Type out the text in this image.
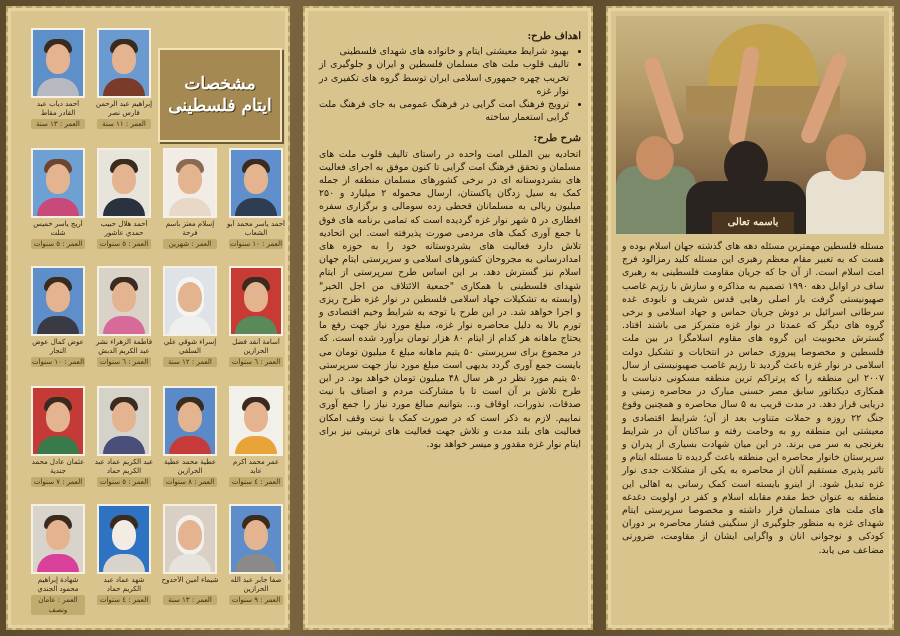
مشخصات
ایتام فلسطینی
إبراهيم عبد الرحمن فارس نصر
العمر : ۱۱ سنة
أحمد دياب عبد القادر مقاط
العمر : ۱۳ سنة
أحمد ياسر محمد أبو الشعاب
العمر : ۱۰ سنوات
إسلام معتز باسم فرحة
العمر : شهرين
أحمد هلال حبيب حمدي عاشور
العمر : ٥ سنوات
أريج ياسر خميس شلت
العمر : ٥ سنوات
أسامة أنقد فضل الحرازين
العمر : ٦ سنوات
إسراء شوقي علي السلقي
العمر : ۱۲ سنة
فاطمة الزهراء نشر عبد الكريم الدبش
العمر : ٦ سنوات
عوض كمال عوض النجار
العمر : ۱۰ سنوات
عمر محمد أكرم عابد
العمر : ٤ سنوات
عطية محمد عطية الحرازين
العمر : ۸ سنوات
عبد الكريم عماد عبد الكريم حماد
العمر : ٥ سنوات
عثمان عادل محمد جندية
العمر : ٧ سنوات
صفا جابر عبد الله الحرازين
العمر : ٩ سنوات
شيماء أمين الأحدوح
العمر : ۱۳ سنة
شهد عماد عبد الكريم حماد
العمر : ٤ سنوات
شهادة إبراهيم محمود الجندي
العمر : عامان ونصف
اهداف طرح:
• بهبود شرایط معیشتی ایتام و خانواده های شهدای فلسطینی
• تالیف قلوب ملت های مسلمان فلسطین و ایران و جلوگیری از تخریب چهره جمهوری اسلامی ایران توسط گروه های تکفیری در نوار غزه
• ترویج فرهنگ امت گرایی در فرهنگ عمومی به جای فرهنگ ملت گرایی استعمار ساخته
شرح طرح:

اتحادیه بین المللی امت واحده در راستای تالیف قلوب ملت های مسلمان و تحقق فرهنگ امت گرایی تا کنون موفق به اجرای فعالیت های بشردوستانه ای در برخی کشورهای مسلمان منطقه از جمله کمک به سیل زدگان پاکستان، ارسال محموله ۲ میلیارد و ۲۵۰ میلیون ریالی به مسلمانان قحطی زده سومالی و برگزاری سفره افطاری در ۵ شهر نوار غزه گردیده است که تمامی برنامه های فوق با جمع آوری کمک های مردمی صورت پذیرفته است. این اتحادیه تلاش دارد فعالیت های بشردوستانه خود را به حوزه های امدادرسانی به مجروحان کشورهای اسلامی و سرپرستی ایتام جهان اسلام نیز گسترش دهد. بر این اساس طرح سرپرستی از ایتام شهدای فلسطینی با همکاری "جمعیة الائتلاف من اجل الخير" (وابسته به تشکیلات جهاد اسلامی فلسطین در نوار غزه طرح ریزی و اجرا خواهد شد. در این طرح با توجه به شرایط وخیم اقتصادی و تورم بالا به دلیل محاصره نوار غزه، مبلغ مورد نیاز جهت رفع ما یحتاج ماهانه هر کدام از ایتام ۸۰ هزار تومان برآورد شده است. که در مجموع برای سرپرستی ۵۰ یتیم ماهانه مبلغ ٤ میلیون تومان می بایست جمع آوری گردد بدیهی است مبلغ مورد نیاز جهت سرپرستی ۵۰ یتیم مورد نظر در هر سال ۴۸ میلیون تومان خواهد بود. در این طرح تلاش بر آن است تا با مشارکت مردم و اصناف با نیت صدقات، نذورات، اوقاف و... بتوانیم مبالغ مورد نیاز را جمع آوری نماییم. لازم به ذکر است که در صورت کمک با نیت وقف امکان فعالیت های بلند مدت و تلاش جهت فعالیت های تربیتی نیز برای ایتام نوار غزه مقدور و میسر خواهد بود.

باسمه تعالی
مسئله فلسطین مهمترین مسئله دهه های گذشته جهان اسلام بوده و هست که به تعبیر مقام معظم رهبری این مسئله کلید رمزالود فرج امت اسلام است. از آن جا که جریان مقاومت فلسطینی به رهبری ساف در اوایل دهه ۱۹۹۰ تصمیم به مذاکره و سازش با رژیم غاصب صهیونیستی گرفت بار اصلی رهایی قدس شریف و نابودی غده سرطانی اسرائیل بر دوش جریان حماس و جهاد اسلامی و برخی گروه های دیگر که عمدتا در نوار غزه متمرکز می باشند افتاد. گسترش محبوبیت این گروه های مقاوم اسلامگرا در بین ملت فلسطین و مخصوصا پیروزی حماس در انتخابات و تشکیل دولت اسلامی در نوار غزه باعث گردید تا رژیم غاصب صهیونیستی از سال ۲۰۰۷ این منطقه را که پرتراکم ترین منطقه مسکونی دنیاست با همکاری دیکتاتور سابق مصر حسنی مبارک در محاصره زمینی و دریایی قرار دهد. در مدت قریب به ۵ سال محاصره و همچنین وقوع جنگ ۲۲ روزه و حملات متناوب بعد از آن؛ شرایط اقتصادی و معیشتی این منطقه رو به وخامت رفته و ساکنان آن در شرایط بغرنجی به سر می برند. در این میان شهادت بسیاری از پدران و سرپرستان خانوار محاصره این منطقه باعث گردیده تا مسئله ایتام و تاثیر پذیری مستقیم آنان از محاصره به یکی از مشکلات جدی نوار غزه تبدیل شود. از اینرو بایسته است کمک رسانی به اهالی این منطقه به عنوان خط مقدم مقابله اسلام و کفر در اولویت دغدغه های ملت های مسلمان قرار داشته و مخصوصا سرپرستی ایتام شهدای غزه به منظور جلوگیری از سنگینی فشار محاصره بر دوران کودکی و نوجوانی انان و واگرایی ایشان از مقاومت، ضرورتی مضاعف می یابد.
